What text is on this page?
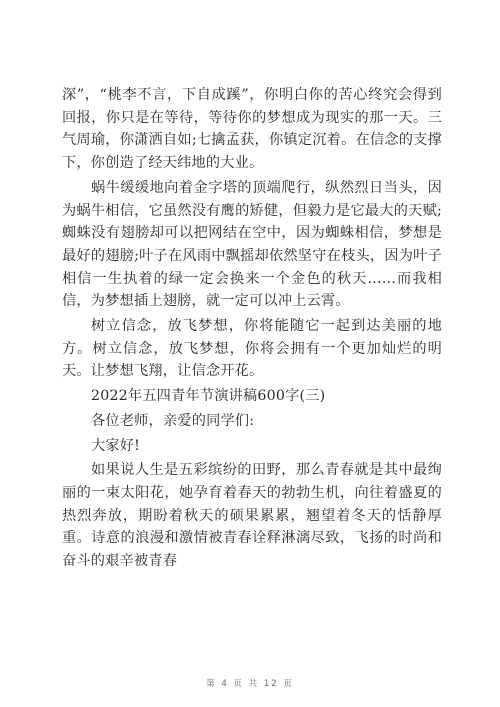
深”，“桃李不言，下自成蹊”，你明白你的苦心终究会得到回报，你只是在等待，等待你的梦想成为现实的那一天。三气周瑜，你潇洒自如;七擒孟获，你镇定沉着。在信念的支撑下，你创造了经天纬地的大业。

蜗牛缓缓地向着金字塔的顶端爬行，纵然烈日当头，因为蜗牛相信，它虽然没有鹰的矫健，但毅力是它最大的天赋;蜘蛛没有翅膀却可以把网结在空中，因为蜘蛛相信，梦想是最好的翅膀;叶子在风雨中飘摇却依然坚守在枝头，因为叶子相信一生执着的绿一定会换来一个金色的秋天……而我相信，为梦想插上翅膀，就一定可以冲上云霄。

树立信念，放飞梦想，你将能随它一起到达美丽的地方。树立信念，放飞梦想，你将会拥有一个更加灿烂的明天。让梦想飞翔，让信念开花。

2022年五四青年节演讲稿600字(三)

各位老师，亲爱的同学们:

大家好!

如果说人生是五彩缤纷的田野，那么青春就是其中最绚丽的一束太阳花，她孕育着春天的勃勃生机，向往着盛夏的热烈奔放，期盼着秋天的硕果累累，翘望着冬天的恬静厚重。诗意的浪漫和激情被青春诠释淋漓尽致，飞扬的时尚和奋斗的艰辛被青春

第 4 页 共 12 页
